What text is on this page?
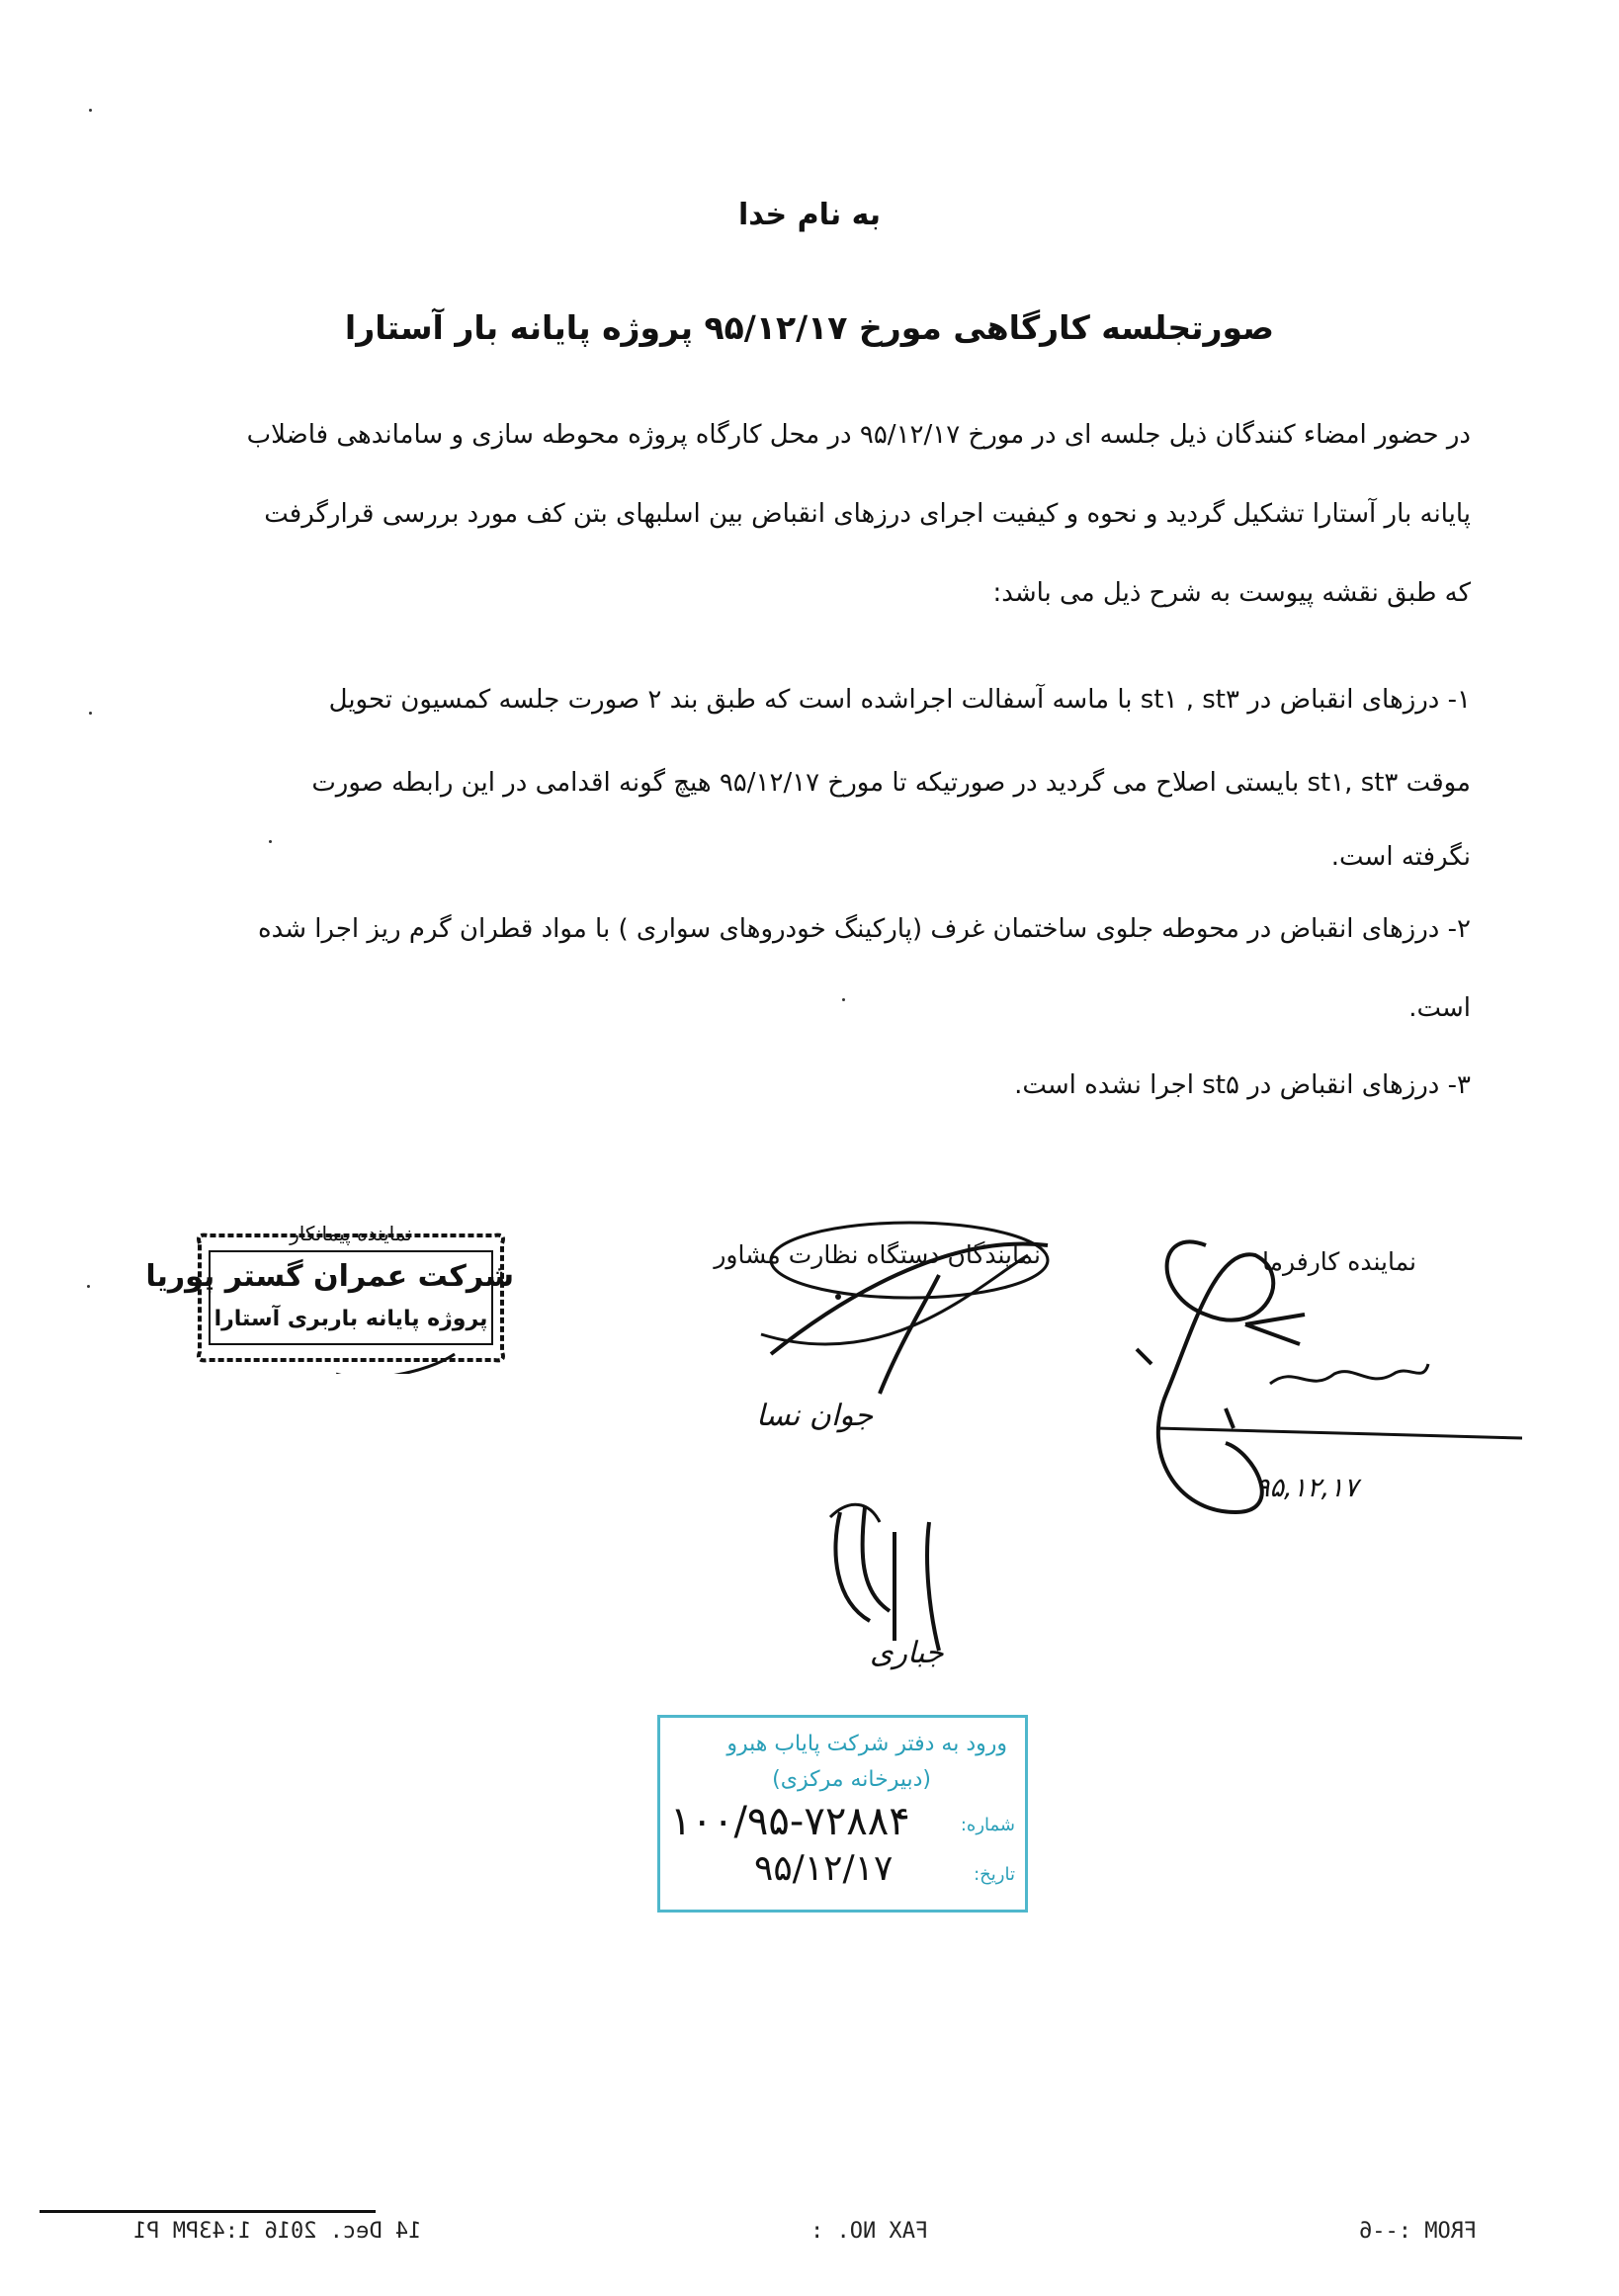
به نام خدا
صورتجلسه کارگاهی مورخ ۹۵/۱۲/۱۷ پروژه پایانه بار آستارا
در حضور امضاء کنندگان ذیل جلسه ای در مورخ ۹۵/۱۲/۱۷ در محل کارگاه پروژه محوطه سازی و ساماندهی فاضلاب
پایانه بار آستارا تشکیل گردید و نحوه و کیفیت اجرای درزهای انقباض بین اسلبهای بتن کف مورد بررسی قرارگرفت
که طبق نقشه پیوست به شرح ذیل می باشد:
۱- درزهای انقباض در st۱ , st۳ با ماسه آسفالت اجراشده است که طبق بند ۲ صورت جلسه کمسیون تحویل
موقت st۱, st۳ بایستی اصلاح می گردید در صورتیکه تا مورخ ۹۵/۱۲/۱۷ هیچ گونه اقدامی در این رابطه صورت
نگرفته است.
۲- درزهای انقباض در محوطه جلوی ساختمان غرف (پارکینگ خودروهای سواری ) با مواد قطران گرم ریز اجرا شده
است.
۳- درزهای انقباض در st۵ اجرا نشده است.
نماینده کارفرما
نمایندگان دستگاه نظارت مشاور
۹۵,۱۲,۱۷
جوان نسا
جباری
نماینده پیمانکار
شرکت عمران گستر پوریا
پروژه پایانه باربری آستارا
ورود به دفتر شرکت پایاب هبرو
(دبیرخانه مرکزی)
شماره:
۱۰۰/۹۵-۷۲۸۸۴
تاریخ:
۹۵/۱۲/۱۷
FROM :--6
FAX NO. :
14 Dec. 2016 1:43PM P1
